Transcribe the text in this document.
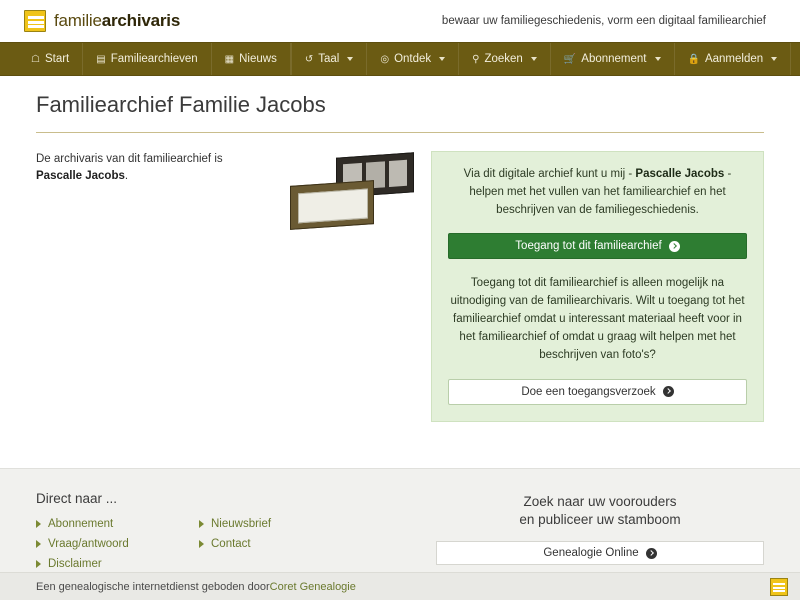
familiearchivaris	bewaar uw familiegeschiedenis, vorm een digitaal familiearchief
☖ Start	▤ Familiearchieven	▦ Nieuws	↺ Taal	◎ Ontdek	⚲ Zoeken	🛒 Abonnement	🔒 Aanmelden
Familiearchief Familie Jacobs
De archivaris van dit familiearchief is Pascalle Jacobs.	Via dit digitale archief kunt u mij - Pascalle Jacobs - helpen met het vullen van het familiearchief en het beschrijven van de familiegeschiedenis.

Toegang tot dit familiearchief

Toegang tot dit familiearchief is alleen mogelijk na uitnodiging van de familiearchivaris. Wilt u toegang tot het familiearchief omdat u interessant materiaal heeft voor in het familiearchief of omdat u graag wilt helpen met het beschrijven van foto's?

Doe een toegangsverzoek
Direct naar ...
Abonnement
Vraag/antwoord
Disclaimer
Nieuwsbrief
Contact
Zoek naar uw voorouders
en publiceer uw stamboom
Genealogie Online
Een genealogische internetdienst geboden door Coret Genealogie
